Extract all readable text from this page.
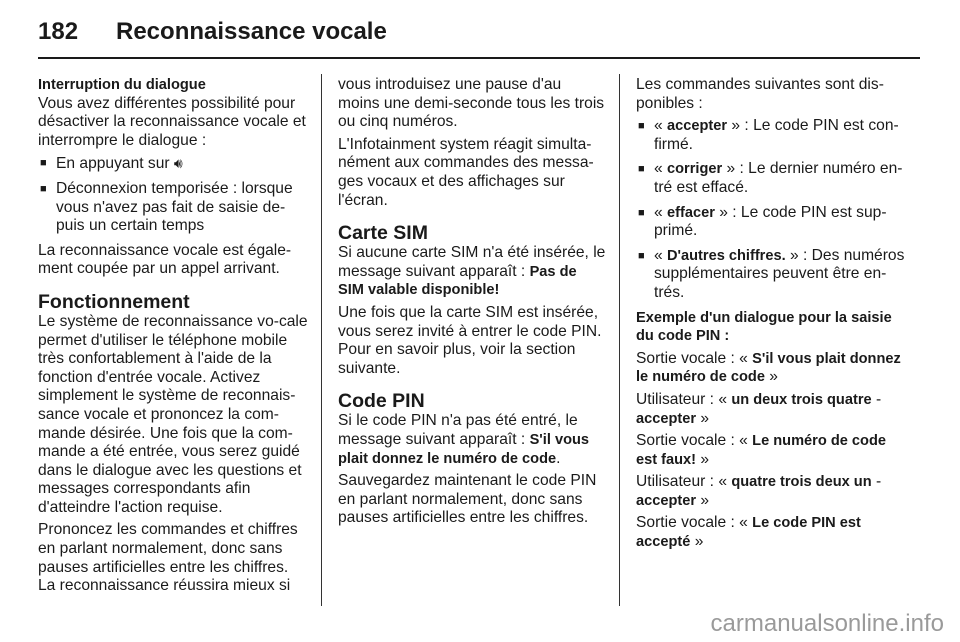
182 Reconnaissance vocale
Interruption du dialogue

Vous avez différentes possibilité pour désactiver la reconnaissance vocale et interrompre le dialogue :

■ En appuyant sur 🔊︎
■ Déconnexion temporisée : lorsque vous n'avez pas fait de saisie de-puis un certain temps

La reconnaissance vocale est égale-ment coupée par un appel arrivant.

Fonctionnement

Le système de reconnaissance vo-cale permet d'utiliser le téléphone mobile très confortablement à l'aide de la fonction d'entrée vocale. Activez simplement le système de reconnais-sance vocale et prononcez la com-mande désirée. Une fois que la com-mande a été entrée, vous serez guidé dans le dialogue avec les questions et messages correspondants afin d'atteindre l'action requise.

Prononcez les commandes et chiffres en parlant normalement, donc sans pauses artificielles entre les chiffres. La reconnaissance réussira mieux si

vous introduisez une pause d'au moins une demi-seconde tous les trois ou cinq numéros.

L'Infotainment system réagit simulta-nément aux commandes des messa-ges vocaux et des affichages sur l'écran.

Carte SIM

Si aucune carte SIM n'a été insérée, le message suivant apparaît : Pas de SIM valable disponible!

Une fois que la carte SIM est insérée, vous serez invité à entrer le code PIN. Pour en savoir plus, voir la section suivante.

Code PIN

Si le code PIN n'a pas été entré, le message suivant apparaît : S'il vous plait donnez le numéro de code.

Sauvegardez maintenant le code PIN en parlant normalement, donc sans pauses artificielles entre les chiffres.

Les commandes suivantes sont dis-ponibles :

■ « accepter » : Le code PIN est con-firmé.
■ « corriger » : Le dernier numéro en-tré est effacé.
■ « effacer » : Le code PIN est sup-primé.
■ « D'autres chiffres. » : Des numéros supplémentaires peuvent être en-trés.
Exemple d'un dialogue pour la saisie du code PIN :

Sortie vocale : « S'il vous plait donnez le numéro de code »

Utilisateur : « un deux trois quatre - accepter »

Sortie vocale : « Le numéro de code est faux! »

Utilisateur : « quatre trois deux un - accepter »

Sortie vocale : « Le code PIN est accepté »

carmanualsonline.info
